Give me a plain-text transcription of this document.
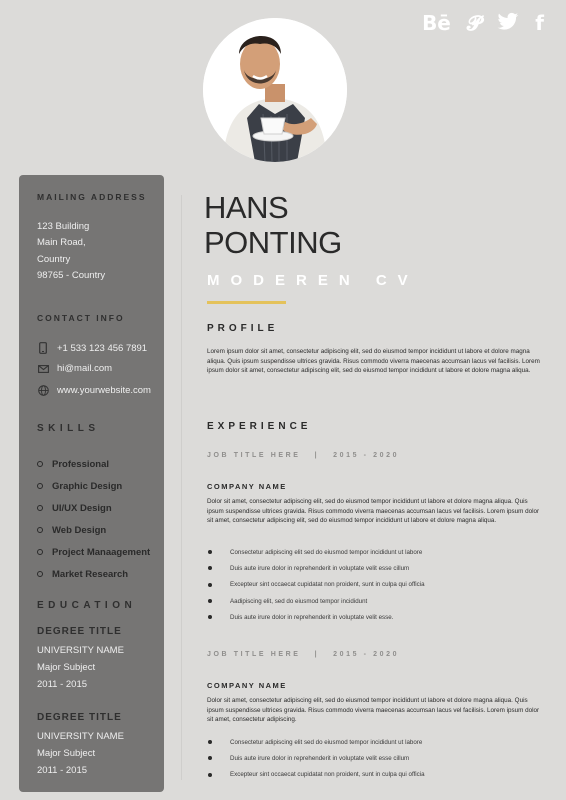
Bē 𝓟	f
MAILING ADDRESS
123 Building
Main Road,
Country
98765 - Country
CONTACT INFO
+1 533 123 456 7891
hi@mail.com
www.yourwebsite.com
SKILLS
Professional
Graphic Design
UI/UX Design
Web Design
Project Manaagement
Market Research
EDUCATION
DEGREE TITLE
UNIVERSITY NAME
Major Subject
2011 - 2015
DEGREE TITLE
UNIVERSITY NAME
Major Subject
2011 - 2015
HANS
PONTING
MODEREN CV
PROFILE
Lorem ipsum dolor sit amet, consectetur adipiscing elit, sed do eiusmod tempor incididunt ut labore et dolore magna aliqua. Quis ipsum suspendisse ultrices gravida. Risus commodo viverra maecenas accumsan lacus vel facilisis. Lorem ipsum dolor sit amet, consectetur adipiscing elit, sed do eiusmod tempor incididunt ut labore et dolore magna aliqua.
EXPERIENCE
JOB TITLE HERE | 2015 - 2020
COMPANY NAME
Dolor sit amet, consectetur adipiscing elit, sed do eiusmod tempor incididunt ut labore et dolore magna aliqua. Quis ipsum suspendisse ultrices gravida. Risus commodo viverra maecenas accumsan lacus vel facilisis. Lorem ipsum dolor sit amet, consectetur adipiscing elit, sed do eiusmod tempor incididunt ut labore et dolore magna aliqua.
Consectetur adipiscing elit sed do eiusmod tempor incididunt ut labore
Duis aute irure dolor in reprehenderit in voluptate velit esse cillum
Excepteur sint occaecat cupidatat non proident, sunt in culpa qui officia
Aadipiscing elit, sed do eiusmod tempor incididunt
Duis aute irure dolor in reprehenderit in voluptate velit esse.
JOB TITLE HERE | 2015 - 2020
COMPANY NAME
Dolor sit amet, consectetur adipiscing elit, sed do eiusmod tempor incididunt ut labore et dolore magna aliqua. Quis ipsum suspendisse ultrices gravida. Risus commodo viverra maecenas accumsan lacus vel facilisis. Lorem ipsum dolor sit amet, consectetur adipiscing.
Consectetur adipiscing elit sed do eiusmod tempor incididunt ut labore
Duis aute irure dolor in reprehenderit in voluptate velit esse cillum
Excepteur sint occaecat cupidatat non proident, sunt in culpa qui officia
